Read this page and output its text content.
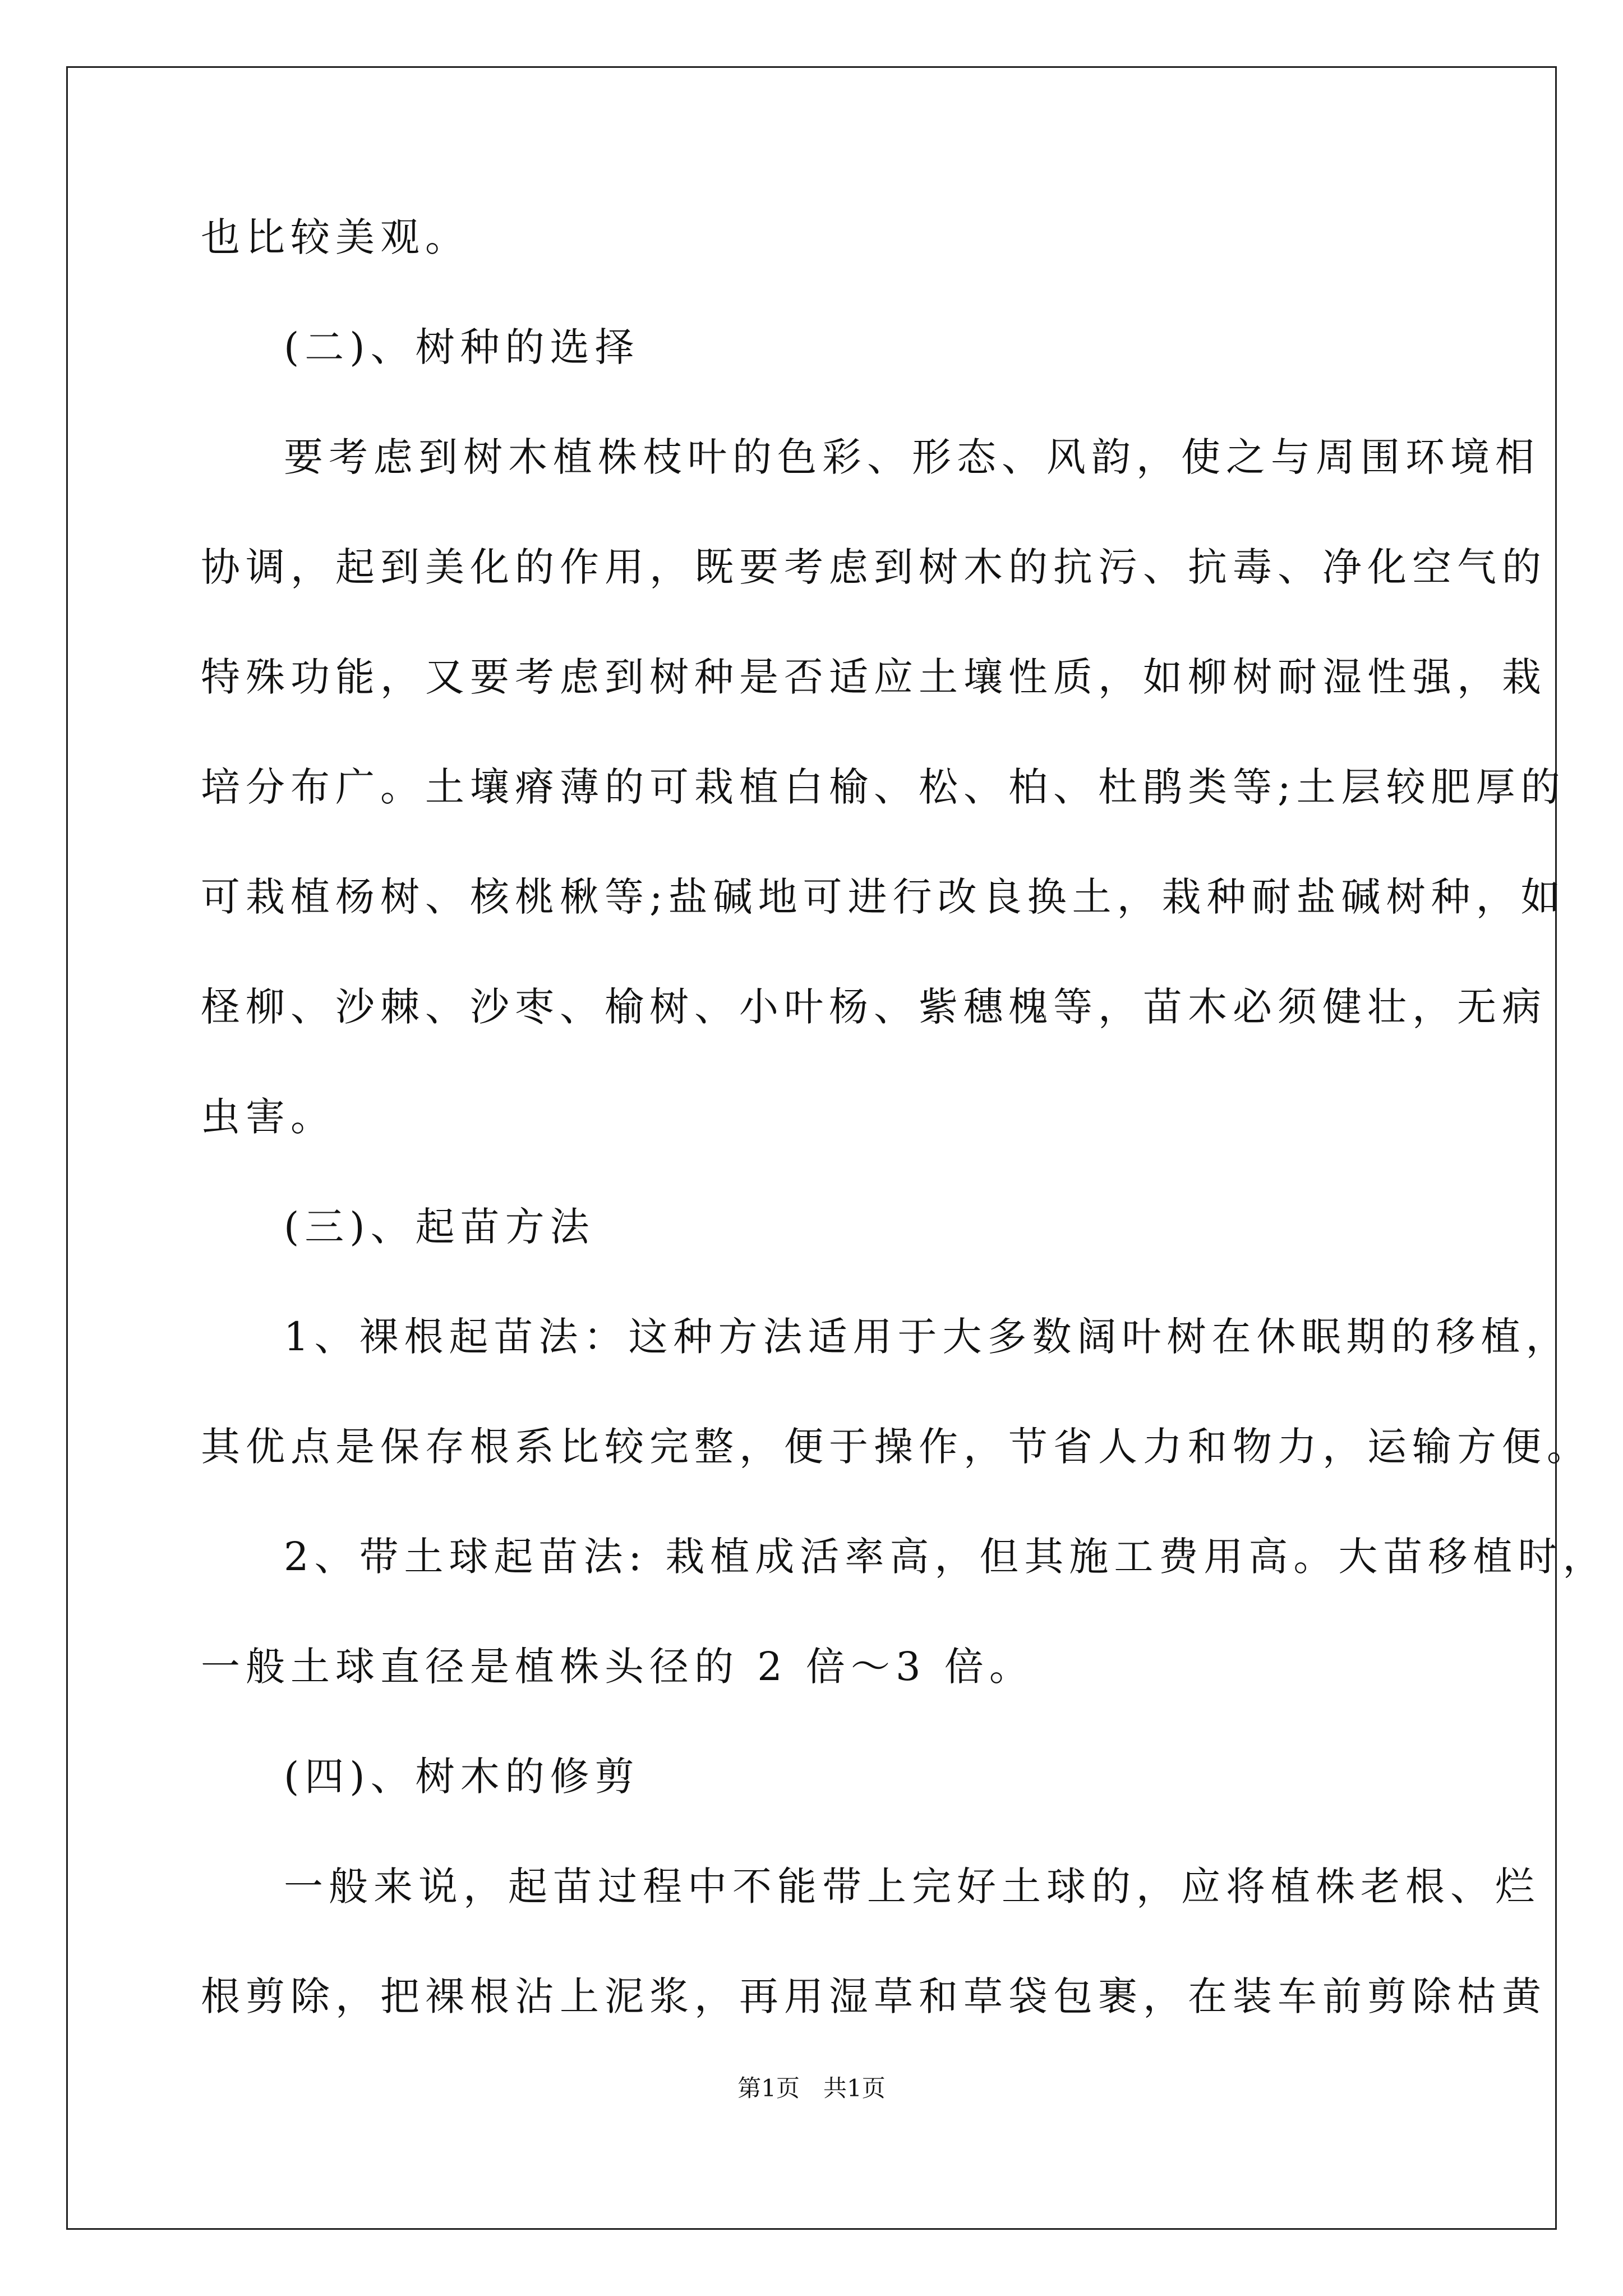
也比较美观。
(二)、树种的选择
要考虑到树木植株枝叶的色彩、形态、风韵，使之与周围环境相
协调，起到美化的作用，既要考虑到树木的抗污、抗毒、净化空气的
特殊功能，又要考虑到树种是否适应土壤性质，如柳树耐湿性强，栽
培分布广。土壤瘠薄的可栽植白榆、松、柏、杜鹃类等;土层较肥厚的
可栽植杨树、核桃楸等;盐碱地可进行改良换土，栽种耐盐碱树种，如
柽柳、沙棘、沙枣、榆树、小叶杨、紫穗槐等，苗木必须健壮，无病
虫害。
(三)、起苗方法
1、裸根起苗法：这种方法适用于大多数阔叶树在休眠期的移植，
其优点是保存根系比较完整，便于操作，节省人力和物力，运输方便。
2、带土球起苗法: 栽植成活率高，但其施工费用高。大苗移植时，
一般土球直径是植株头径的 2 倍～3 倍。
(四)、树木的修剪
一般来说，起苗过程中不能带上完好土球的，应将植株老根、烂
根剪除，把裸根沾上泥浆，再用湿草和草袋包裹，在装车前剪除枯黄
第1页　共1页
